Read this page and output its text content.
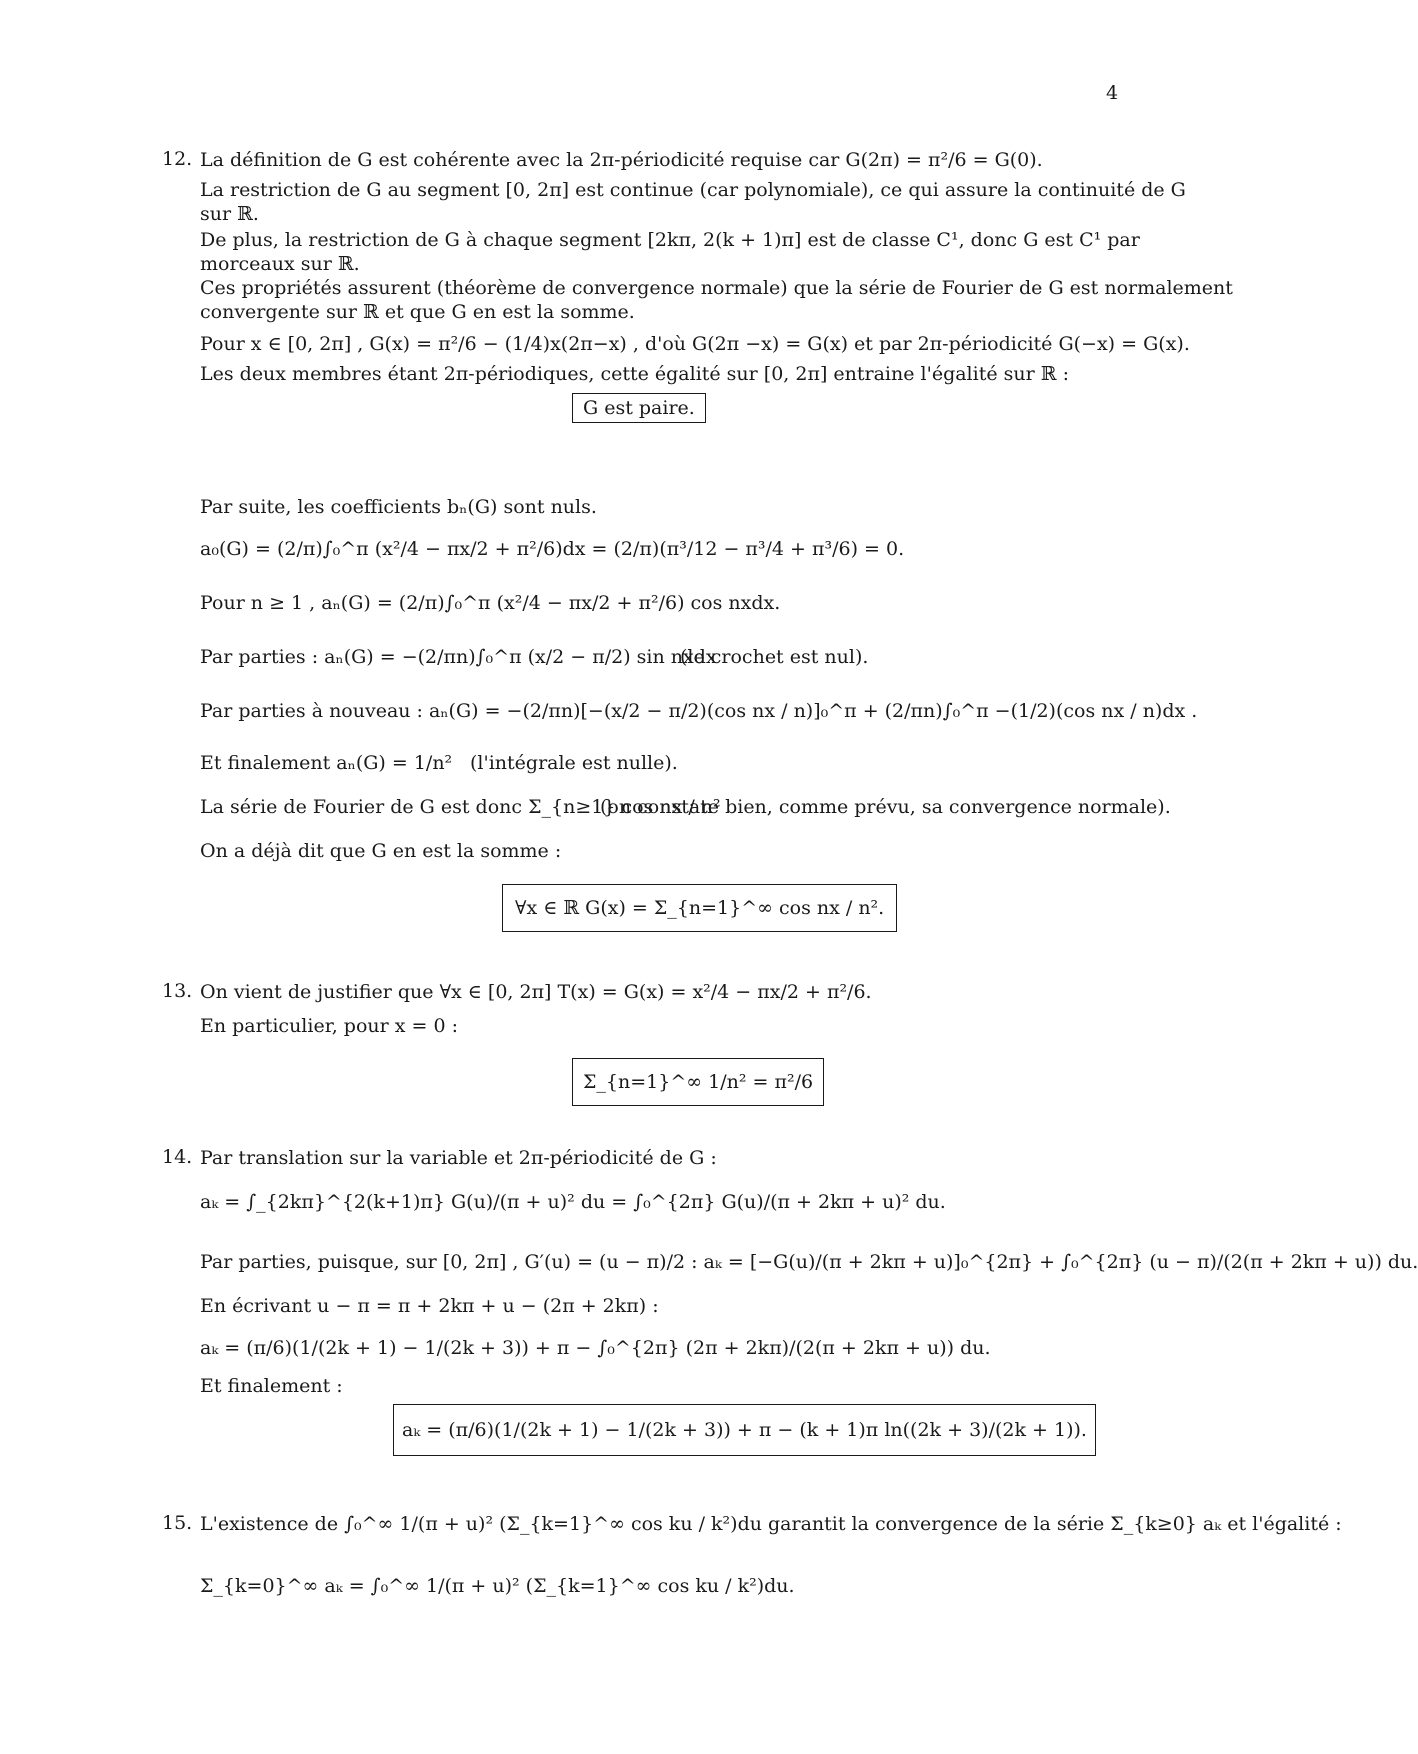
4
12. La définition de G est cohérente avec la 2π-périodicité requise car G(2π) = π²/6 = G(0).
La restriction de G au segment [0, 2π] est continue (car polynomiale), ce qui assure la continuité de G
sur ℝ.
De plus, la restriction de G à chaque segment [2kπ, 2(k + 1)π] est de classe C¹, donc G est C¹ par
morceaux sur ℝ.
Ces propriétés assurent (théorème de convergence normale) que la série de Fourier de G est normalement
convergente sur ℝ et que G en est la somme.
Pour x ∈ [0, 2π] , G(x) = π²/6 − (1/4)x(2π−x) , d'où G(2π −x) = G(x) et par 2π-périodicité G(−x) = G(x).
Les deux membres étant 2π-périodiques, cette égalité sur [0, 2π] entraine l'égalité sur ℝ :
G est paire.
Par suite, les coefficients bₙ(G) sont nuls.
a₀(G) = (2/π)∫₀^π (x²/4 − πx/2 + π²/6)dx = (2/π)(π³/12 − π³/4 + π³/6) = 0.
Pour n ≥ 1 , aₙ(G) = (2/π)∫₀^π (x²/4 − πx/2 + π²/6) cos nxdx.
Par parties : aₙ(G) = −(2/πn)∫₀^π (x/2 − π/2) sin nxdx
(le crochet est nul).
Par parties à nouveau : aₙ(G) = −(2/πn)[−(x/2 − π/2)(cos nx / n)]₀^π + (2/πn)∫₀^π −(1/2)(cos nx / n)dx .
Et finalement aₙ(G) = 1/n² (l'intégrale est nulle).
La série de Fourier de G est donc Σ_{n≥1} cos nx / n²
(on constate bien, comme prévu, sa convergence normale).
On a déjà dit que G en est la somme :
∀x ∈ ℝ G(x) = Σ_{n=1}^∞ cos nx / n².
13. On vient de justifier que ∀x ∈ [0, 2π] T(x) = G(x) = x²/4 − πx/2 + π²/6.
En particulier, pour x = 0 :
Σ_{n=1}^∞ 1/n² = π²/6
14. Par translation sur la variable et 2π-périodicité de G :
aₖ = ∫_{2kπ}^{2(k+1)π} G(u)/(π + u)² du = ∫₀^{2π} G(u)/(π + 2kπ + u)² du.
Par parties, puisque, sur [0, 2π] , G′(u) = (u − π)/2 : aₖ = [−G(u)/(π + 2kπ + u)]₀^{2π} + ∫₀^{2π} (u − π)/(2(π + 2kπ + u)) du.
En écrivant u − π = π + 2kπ + u − (2π + 2kπ) :
aₖ = (π/6)(1/(2k + 1) − 1/(2k + 3)) + π − ∫₀^{2π} (2π + 2kπ)/(2(π + 2kπ + u)) du.
Et finalement :
aₖ = (π/6)(1/(2k + 1) − 1/(2k + 3)) + π − (k + 1)π ln((2k + 3)/(2k + 1)).
15. L'existence de ∫₀^∞ 1/(π + u)² (Σ_{k=1}^∞ cos ku / k²)du garantit la convergence de la série Σ_{k≥0} aₖ et l'égalité :
Σ_{k=0}^∞ aₖ = ∫₀^∞ 1/(π + u)² (Σ_{k=1}^∞ cos ku / k²)du.
